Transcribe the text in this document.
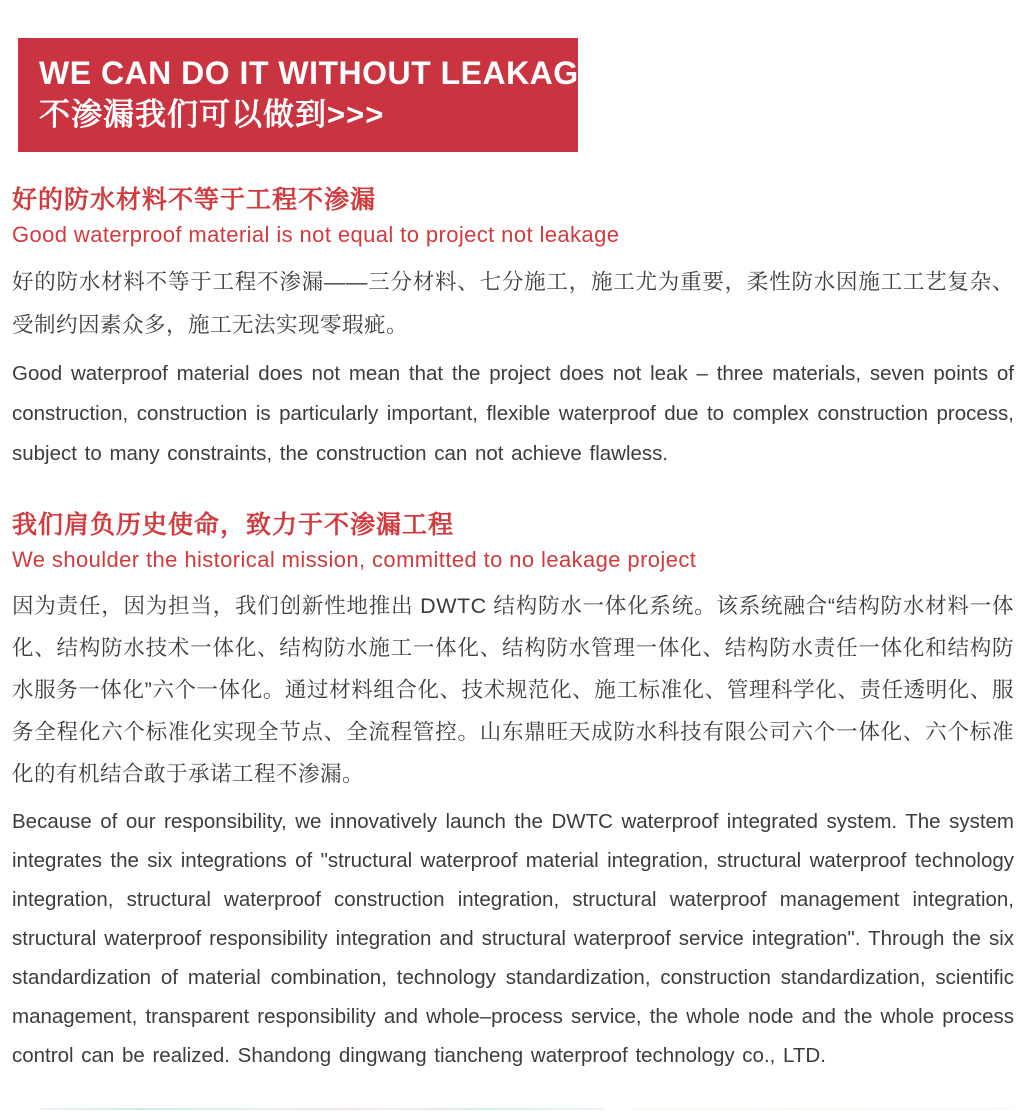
WE CAN DO IT WITHOUT LEAKAGE
不渗漏我们可以做到>>>
好的防水材料不等于工程不渗漏
Good waterproof material is not equal to project not leakage

好的防水材料不等于工程不渗漏——三分材料、七分施工，施工尤为重要，柔性防水因施工工艺复杂、受制约因素众多，施工无法实现零瑕疵。

Good waterproof material does not mean that the project does not leak – three materials, seven points of construction, construction is particularly important, flexible waterproof due to complex construction process, subject to many constraints, the construction can not achieve flawless.

我们肩负历史使命，致力于不渗漏工程
We shoulder the historical mission, committed to no leakage project

因为责任，因为担当，我们创新性地推出 DWTC 结构防水一体化系统。该系统融合“结构防水材料一体化、结构防水技术一体化、结构防水施工一体化、结构防水管理一体化、结构防水责任一体化和结构防水服务一体化”六个一体化。通过材料组合化、技术规范化、施工标准化、管理科学化、责任透明化、服务全程化六个标准化实现全节点、全流程管控。山东鼎旺天成防水科技有限公司六个一体化、六个标准化的有机结合敢于承诺工程不渗漏。

Because of our responsibility, we innovatively launch the DWTC waterproof integrated system. The system integrates the six integrations of "structural waterproof material integration, structural waterproof technology integration, structural waterproof construction integration, structural waterproof management integration, structural waterproof responsibility integration and structural waterproof service integration". Through the six standardization of material combination, technology standardization, construction standardization, scientific management, transparent responsibility and whole–process service, the whole node and the whole process control can be realized. Shandong dingwang tiancheng waterproof technology co., LTD.
